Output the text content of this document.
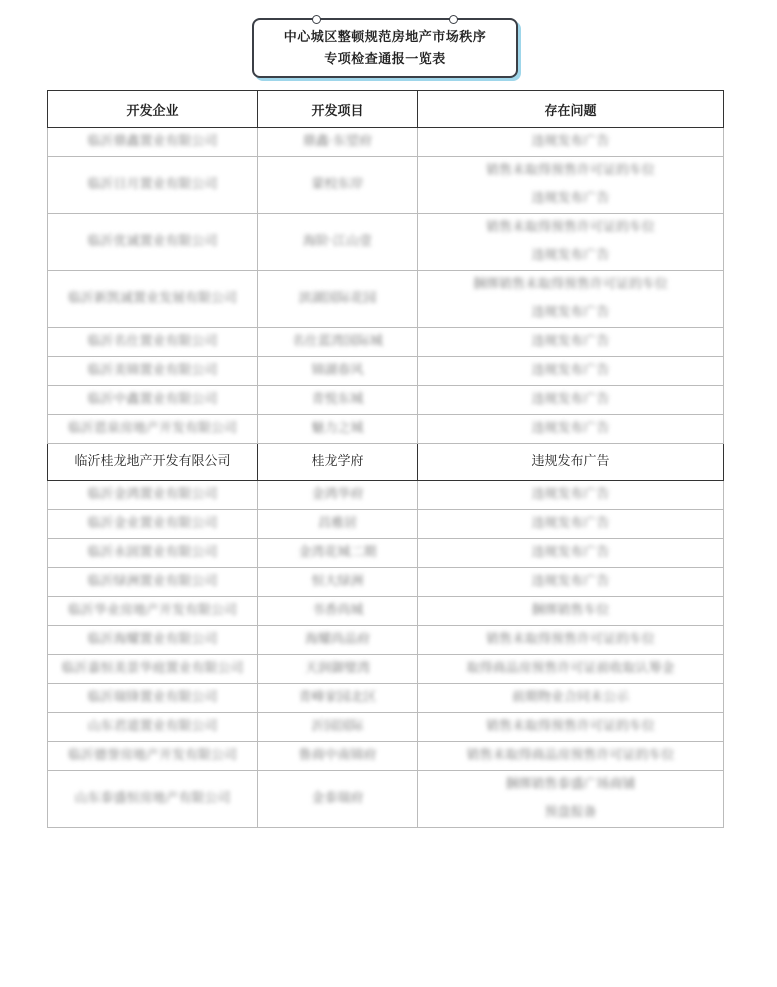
中心城区整顿规范房地产市场秩序
专项检查通报一览表
开发企业	开发项目	存在问题
临沂鼎鑫置业有限公司	鼎鑫·东望府	违规发布广告

临沂日月置业有限公司	蒙校东岸	销售未取得预售许可证的车位
违规发布广告

临沂优诚置业有限公司	海阶·江山壹	销售未取得预售许可证的车位
违规发布广告

临沂新凯诚置业发展有限公司	滨湖国际花园	捆绑销售未取得预售许可证的车位
违规发布广告

临沂名仕置业有限公司	名仕蓝湾国际城	违规发布广告

临沂美锦置业有限公司	锦湖春风	违规发布广告

临沂中鑫置业有限公司	青悦东城	违规发布广告

临沂恩泉房地产开发有限公司	魅力之城	违规发布广告

临沂桂龙地产开发有限公司	桂龙学府	违规发布广告

临沂金鸿置业有限公司	金鸿华府	违规发布广告

临沂金业置业有限公司	昌雅居	违规发布广告

临沂永固置业有限公司	金湾花城二期	违规发布广告

临沂绿洲置业有限公司	恒大绿洲	违规发布广告

临沂华业房地产开发有限公司	书香尚城	捆绑销售车位

临沂海耀置业有限公司	海耀尚品府	销售未取得预售许可证的车位

临沂嘉恒美景华庭置业有限公司	天润御璧湾	取得商品房预售许可证前收取认筹金

临沂瑞锋置业有限公司	青峰家园北区	前期物业合同未公示

山东君道置业有限公司	沂园国际	销售未取得预售许可证的车位

临沂德誉房地产开发有限公司	鲁商中南锦府	销售未取得商品房预售许可证的车位

山东泰盛恒房地产有限公司	金泰瑞府	捆绑销售泰盛广场商铺
预盘报备
